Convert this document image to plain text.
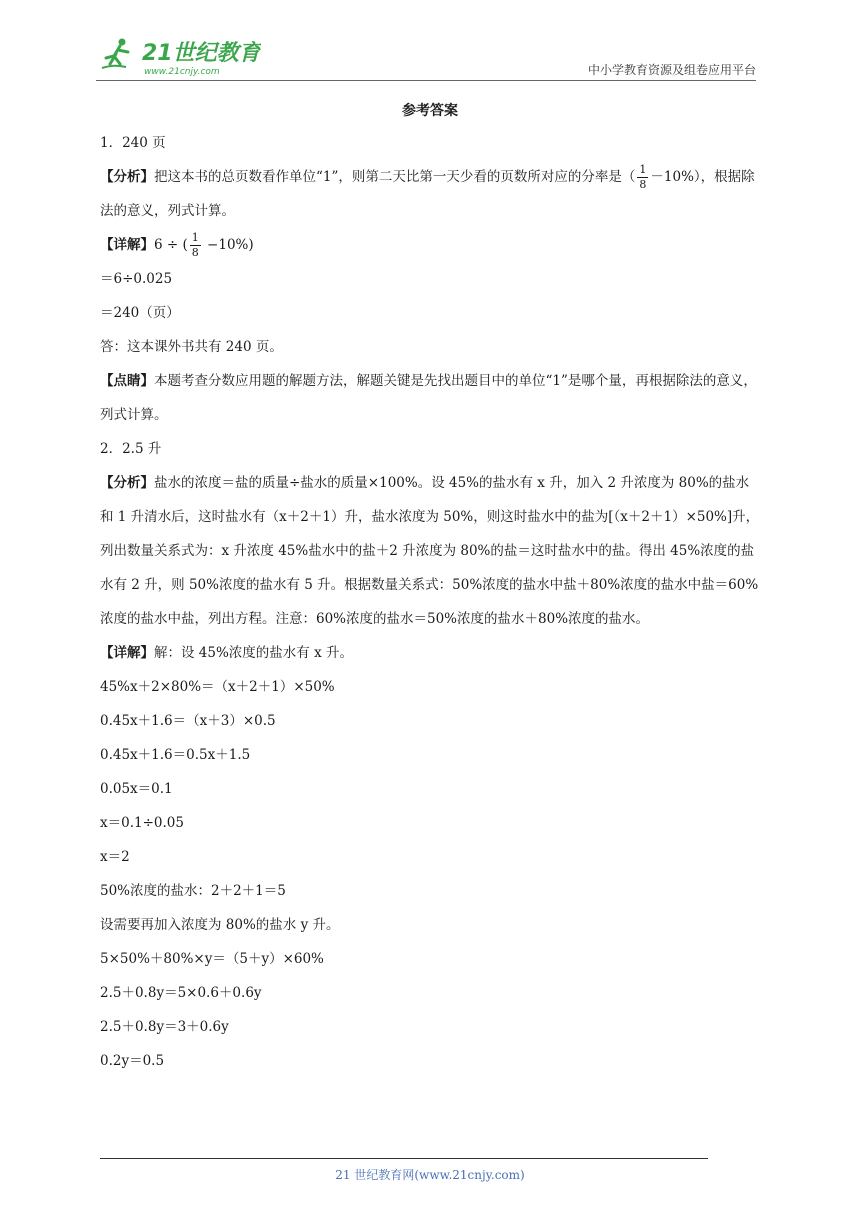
21世纪教育
www.21cnjy.com	中小学教育资源及组卷应用平台
参考答案
1．240 页
【分析】把这本书的总页数看作单位“1”，则第二天比第一天少看的页数所对应的分率是（ $\frac{1}{8} -10\%$），根据除法的意义，列式计算。
【详解】6 ÷ ( $\frac{1}{8} -10\%$)
＝6÷0.025
＝240（页）
答：这本课外书共有 240 页。
【点睛】本题考查分数应用题的解题方法，解题关键是先找出题目中的单位“1”是哪个量，再根据除法的意义，列式计算。
2．2.5 升
【分析】盐水的浓度＝盐的质量÷盐水的质量×100%。设 45%的盐水有 x 升，加入 2 升浓度为 80%的盐水和 1 升清水后，这时盐水有（x＋2＋1）升，盐水浓度为 50%，则这时盐水中的盐为[（x＋2＋1）×50%]升，列出数量关系式为：x 升浓度 45%盐水中的盐＋2 升浓度为 80%的盐＝这时盐水中的盐。得出 45%浓度的盐水有 2 升，则 50%浓度的盐水有 5 升。根据数量关系式：50%浓度的盐水中盐＋80%浓度的盐水中盐＝60%浓度的盐水中盐，列出方程。注意：60%浓度的盐水＝50%浓度的盐水＋80%浓度的盐水。
【详解】解：设 45%浓度的盐水有 x 升。
45%x＋2×80%＝（x＋2＋1）×50%
0.45x＋1.6＝（x＋3）×0.5
0.45x＋1.6＝0.5x＋1.5
0.05x＝0.1
x＝0.1÷0.05
x＝2
50%浓度的盐水：2＋2＋1＝5
设需要再加入浓度为 80%的盐水 y 升。
5×50%＋80%×y＝（5＋y）×60%
2.5＋0.8y＝5×0.6＋0.6y
2.5＋0.8y＝3＋0.6y
0.2y＝0.5
21 世纪教育网(www.21cnjy.com)
